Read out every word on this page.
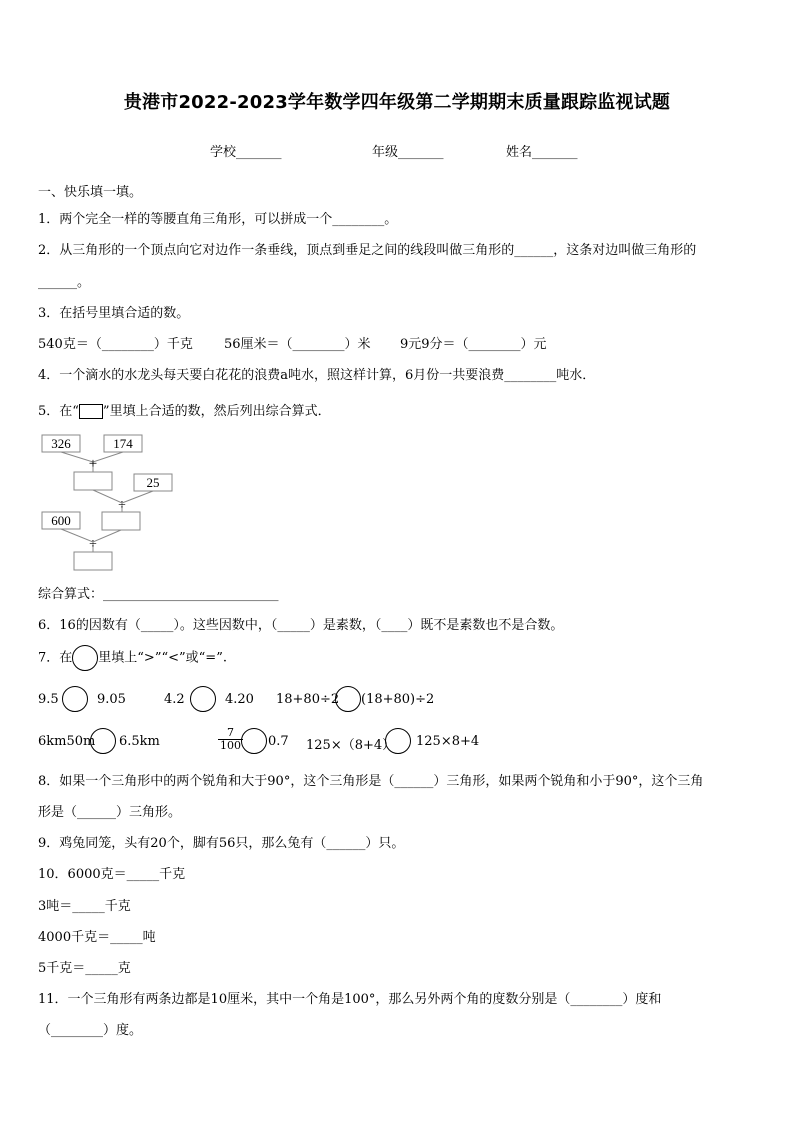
贵港市2022-2023学年数学四年级第二学期期末质量跟踪监视试题
学校_______	年级_______	姓名_______
一、快乐填一填。
1．两个完全一样的等腰直角三角形，可以拼成一个________。
2．从三角形的一个顶点向它对边作一条垂线，顶点到垂足之间的线段叫做三角形的______，这条对边叫做三角形的
______。
3．在括号里填合适的数。
540克＝（________）千克 56厘米＝（________）米 9元9分＝（________）元
4．一个滴水的水龙头每天要白花花的浪费a吨水，照这样计算，6月份一共要浪费________吨水．
5．在“ ”里填上合适的数，然后列出综合算式．
326	174
+
25
÷
600
÷
综合算式：___________________________
6．16的因数有（_____）。这些因数中，（_____）是素数，（____）既不是素数也不是合数。
7．在 里填上“>”“<”或“=”.
9.5	9.05	4.2	4.20 18+80÷2 (18+80)÷2
6km50m 6.5km	$\frac{7}{100} 0.7$ 125×（8+4） 125×8+4
8．如果一个三角形中的两个锐角和大于90°，这个三角形是（______）三角形，如果两个锐角和小于90°，这个三角
形是（______）三角形。
9．鸡兔同笼，头有20个，脚有56只，那么兔有（______）只。
10．6000克＝_____千克
3吨＝_____千克
4000千克＝_____吨
5千克＝_____克
11．一个三角形有两条边都是10厘米，其中一个角是100°，那么另外两个角的度数分别是（________）度和
（________）度。
